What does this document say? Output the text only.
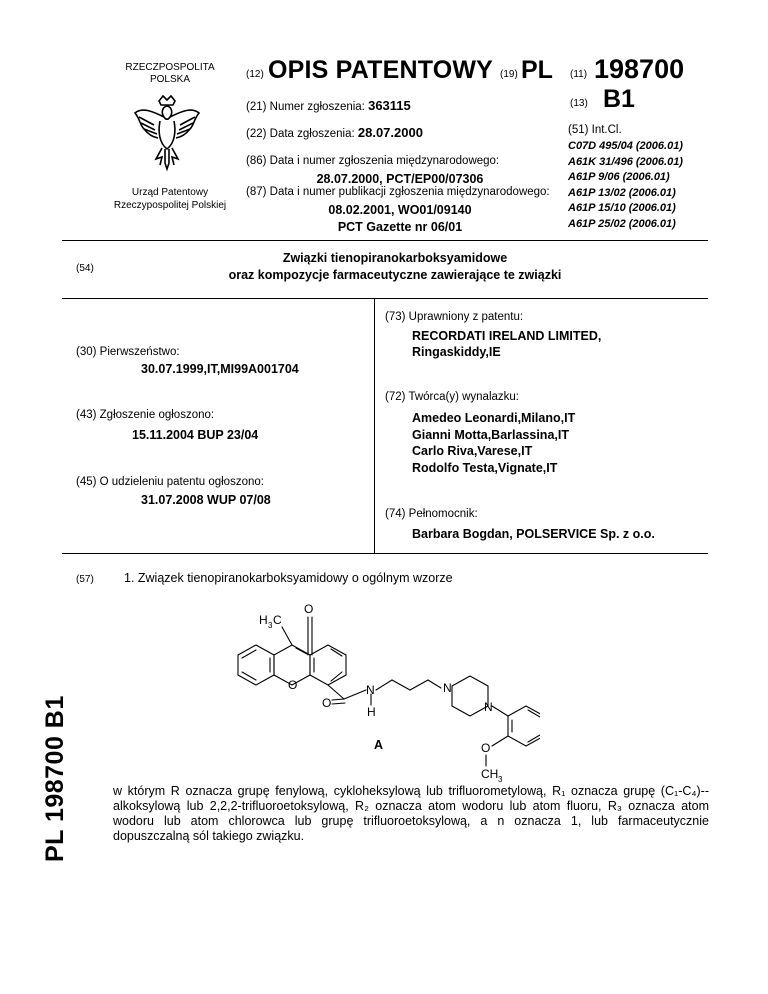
RZECZPOSPOLITA
POLSKA
Urząd Patentowy
Rzeczypospolitej Polskiej
(12) OPIS PATENTOWY (19) PL (11) 198700
(13) B1
(21) Numer zgłoszenia: 363115
(22) Data zgłoszenia: 28.07.2000
(86) Data i numer zgłoszenia międzynarodowego:
28.07.2000, PCT/EP00/07306
(87) Data i numer publikacji zgłoszenia międzynarodowego:
08.02.2001, WO01/09140
PCT Gazette nr 06/01
(51) Int.Cl.
C07D 495/04 (2006.01)
A61K 31/496 (2006.01)
A61P 9/06 (2006.01)
A61P 13/02 (2006.01)
A61P 15/10 (2006.01)
A61P 25/02 (2006.01)
(54)
Związki tienopiranokarboksyamidowe
oraz kompozycje farmaceutyczne zawierające te związki
(30) Pierwszeństwo:
30.07.1999,IT,MI99A001704
(43) Zgłoszenie ogłoszono:
15.11.2004 BUP 23/04
(45) O udzieleniu patentu ogłoszono:
31.07.2008 WUP 07/08
(73) Uprawniony z patentu:
RECORDATI IRELAND LIMITED,
Ringaskiddy,IE
(72) Twórca(y) wynalazku:
Amedeo Leonardi,Milano,IT
Gianni Motta,Barlassina,IT
Carlo Riva,Varese,IT
Rodolfo Testa,Vignate,IT
(74) Pełnomocnik:
Barbara Bogdan, POLSERVICE Sp. z o.o.
(57) 1. Związek tienopiranokarboksyamidowy o ogólnym wzorze
O
H 3 C
O
O
N
H
N
N
O
CH 3
A
w którym R oznacza grupę fenylową, cykloheksylową lub trifluorometylową, R₁ oznacza grupę (C₁-C₄)--alkoksylową lub 2,2,2-trifluoroetoksylową, R₂ oznacza atom wodoru lub atom fluoru, R₃ oznacza atom wodoru lub atom chlorowca lub grupę trifluoroetoksylową, a n oznacza 1, lub farmaceutycznie dopuszczalną sól takiego związku.
PL 198700 B1
